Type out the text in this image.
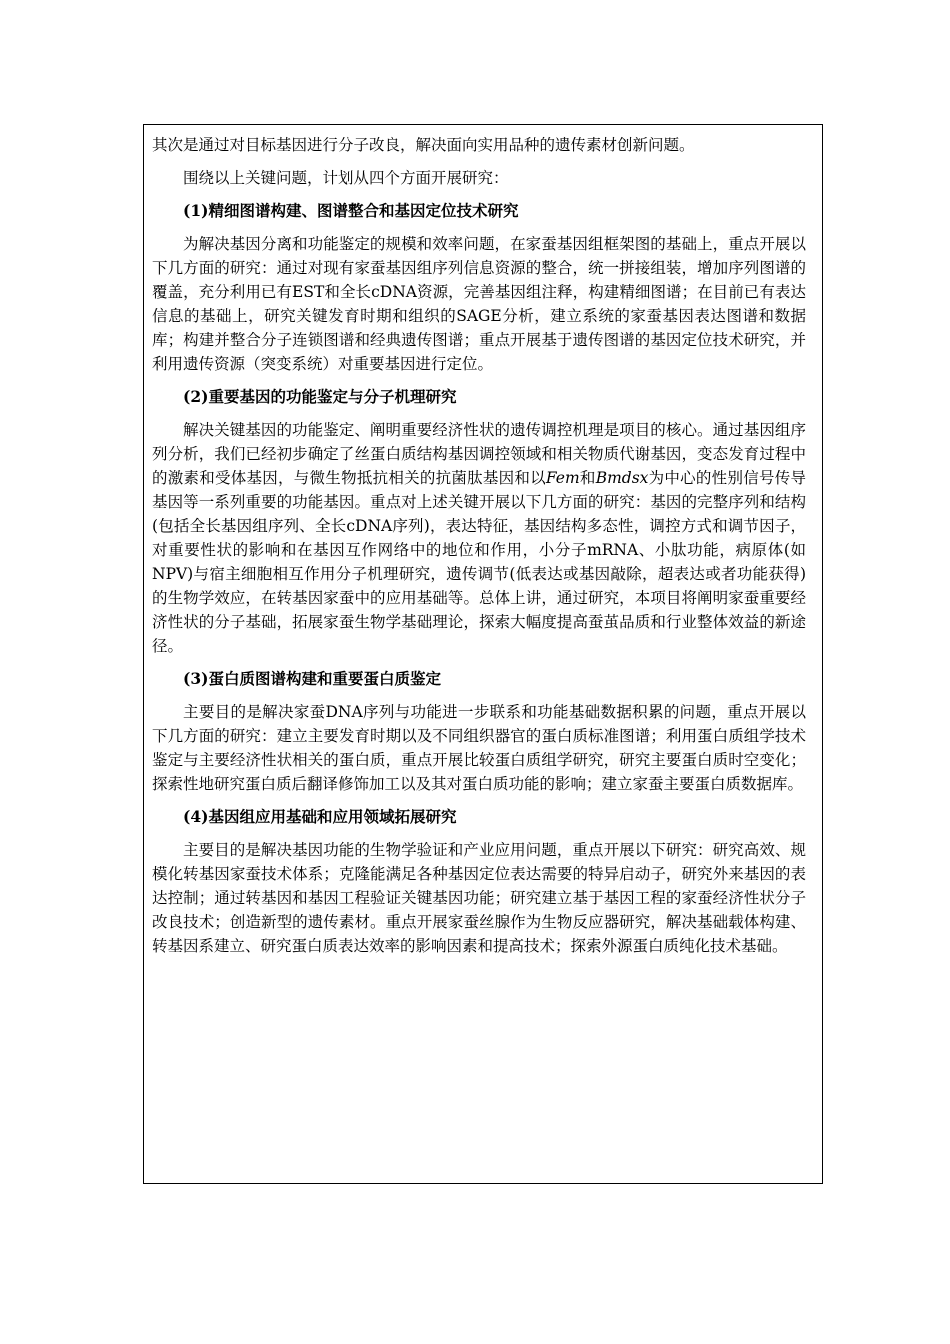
其次是通过对目标基因进行分子改良，解决面向实用品种的遗传素材创新问题。

围绕以上关键问题，计划从四个方面开展研究：

(1)精细图谱构建、图谱整合和基因定位技术研究

为解决基因分离和功能鉴定的规模和效率问题，在家蚕基因组框架图的基础上，重点开展以下几方面的研究：通过对现有家蚕基因组序列信息资源的整合，统一拼接组装，增加序列图谱的覆盖，充分利用已有EST和全长cDNA资源，完善基因组注释，构建精细图谱；在目前已有表达信息的基础上，研究关键发育时期和组织的SAGE分析，建立系统的家蚕基因表达图谱和数据库；构建并整合分子连锁图谱和经典遗传图谱；重点开展基于遗传图谱的基因定位技术研究，并利用遗传资源（突变系统）对重要基因进行定位。

(2)重要基因的功能鉴定与分子机理研究

解决关键基因的功能鉴定、阐明重要经济性状的遗传调控机理是项目的核心。通过基因组序列分析，我们已经初步确定了丝蛋白质结构基因调控领域和相关物质代谢基因，变态发育过程中的激素和受体基因，与微生物抵抗相关的抗菌肽基因和以Fem和Bmdsx为中心的性别信号传导基因等一系列重要的功能基因。重点对上述关键开展以下几方面的研究：基因的完整序列和结构(包括全长基因组序列、全长cDNA序列)，表达特征，基因结构多态性，调控方式和调节因子，对重要性状的影响和在基因互作网络中的地位和作用，小分子mRNA、小肽功能，病原体(如NPV)与宿主细胞相互作用分子机理研究，遗传调节(低表达或基因敲除，超表达或者功能获得)的生物学效应，在转基因家蚕中的应用基础等。总体上讲，通过研究，本项目将阐明家蚕重要经济性状的分子基础，拓展家蚕生物学基础理论，探索大幅度提高蚕茧品质和行业整体效益的新途径。

(3)蛋白质图谱构建和重要蛋白质鉴定

主要目的是解决家蚕DNA序列与功能进一步联系和功能基础数据积累的问题，重点开展以下几方面的研究：建立主要发育时期以及不同组织器官的蛋白质标准图谱；利用蛋白质组学技术鉴定与主要经济性状相关的蛋白质，重点开展比较蛋白质组学研究，研究主要蛋白质时空变化；探索性地研究蛋白质后翻译修饰加工以及其对蛋白质功能的影响；建立家蚕主要蛋白质数据库。

(4)基因组应用基础和应用领域拓展研究

主要目的是解决基因功能的生物学验证和产业应用问题，重点开展以下研究：研究高效、规模化转基因家蚕技术体系；克隆能满足各种基因定位表达需要的特异启动子，研究外来基因的表达控制；通过转基因和基因工程验证关键基因功能；研究建立基于基因工程的家蚕经济性状分子改良技术；创造新型的遗传素材。重点开展家蚕丝腺作为生物反应器研究，解决基础载体构建、转基因系建立、研究蛋白质表达效率的影响因素和提高技术；探索外源蛋白质纯化技术基础。
